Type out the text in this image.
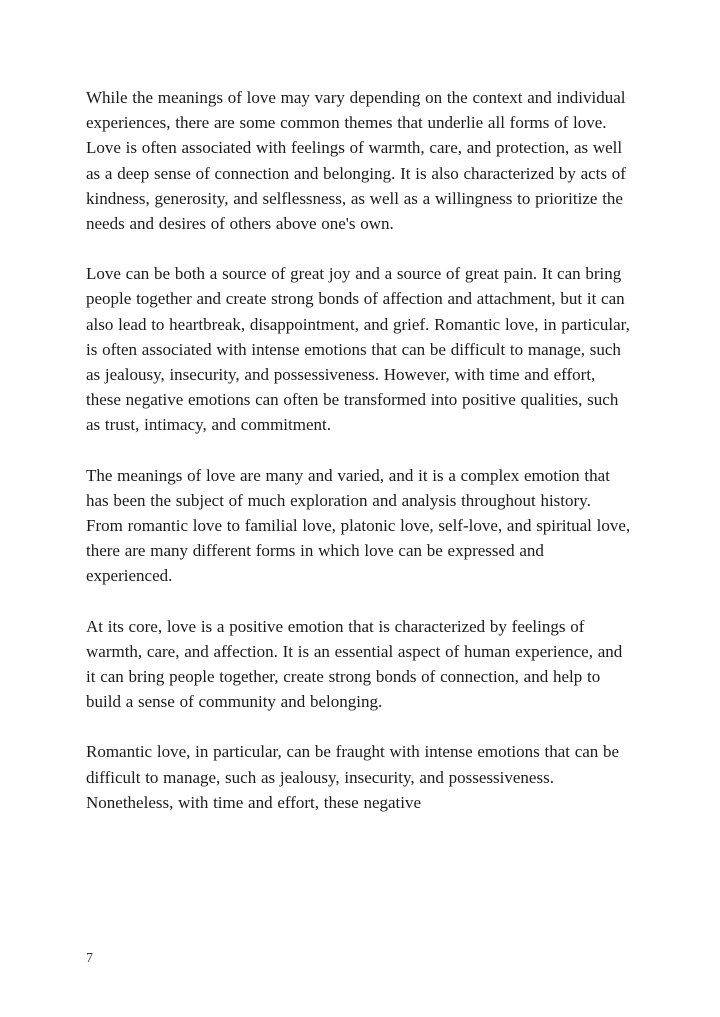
While the meanings of love may vary depending on the context and individual experiences, there are some common themes that underlie all forms of love. Love is often associated with feelings of warmth, care, and protection, as well as a deep sense of connection and belonging. It is also characterized by acts of kindness, generosity, and selflessness, as well as a willingness to prioritize the needs and desires of others above one's own.

Love can be both a source of great joy and a source of great pain. It can bring people together and create strong bonds of affection and attachment, but it can also lead to heartbreak, disappointment, and grief. Romantic love, in particular, is often associated with intense emotions that can be difficult to manage, such as jealousy, insecurity, and possessiveness. However, with time and effort, these negative emotions can often be transformed into positive qualities, such as trust, intimacy, and commitment.

The meanings of love are many and varied, and it is a complex emotion that has been the subject of much exploration and analysis throughout history. From romantic love to familial love, platonic love, self-love, and spiritual love, there are many different forms in which love can be expressed and experienced.

At its core, love is a positive emotion that is characterized by feelings of warmth, care, and affection. It is an essential aspect of human experience, and it can bring people together, create strong bonds of connection, and help to build a sense of community and belonging.

Romantic love, in particular, can be fraught with intense emotions that can be difficult to manage, such as jealousy, insecurity, and possessiveness. Nonetheless, with time and effort, these negative

7
